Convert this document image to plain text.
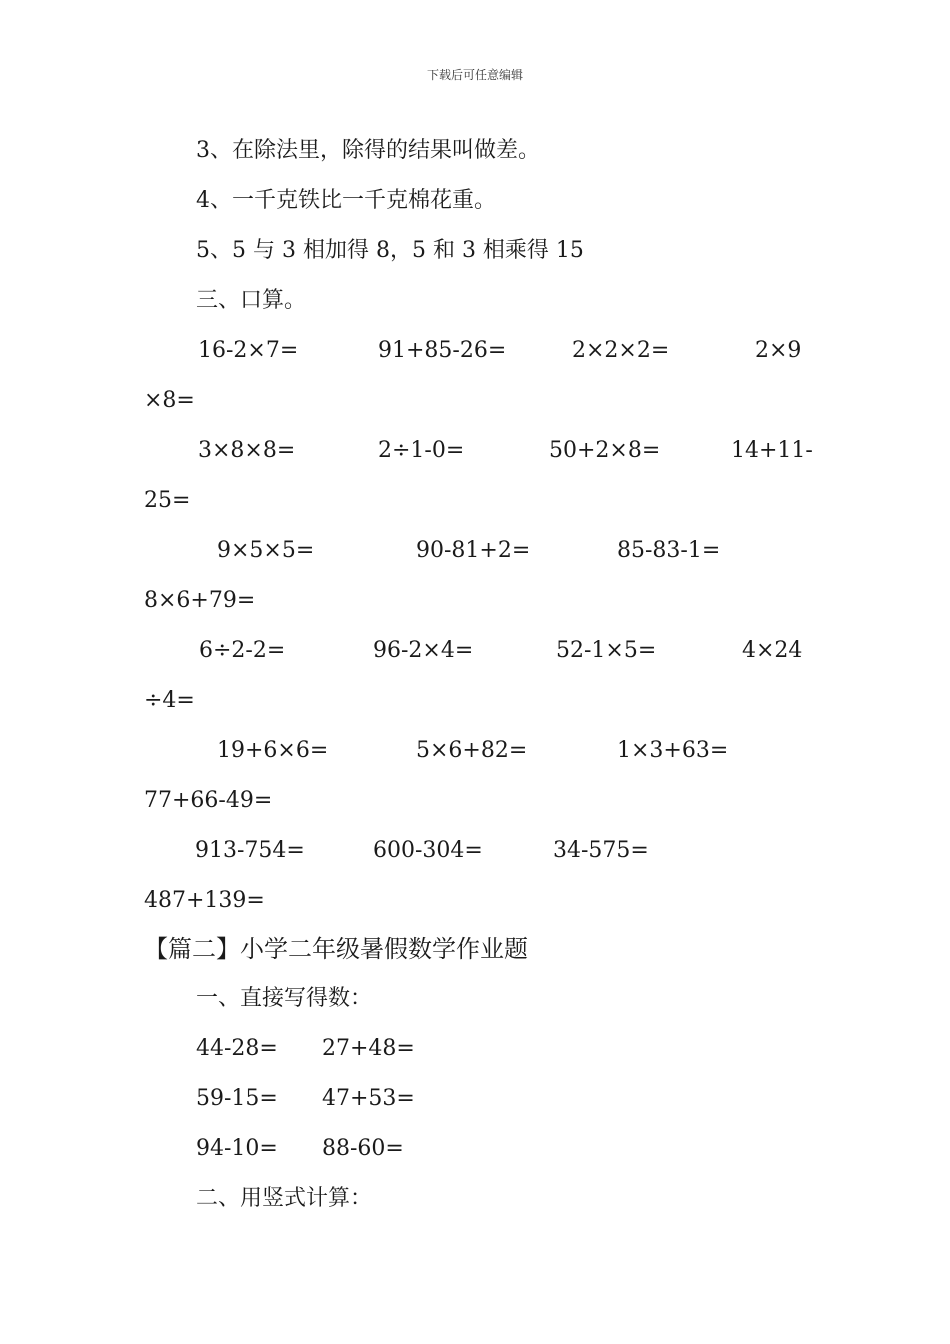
下载后可任意编辑
3、在除法里，除得的结果叫做差。
4、一千克铁比一千克棉花重。
5、5 与 3 相加得 8，5 和 3 相乘得 15
三、口算。
16-2×7=	91+85-26=	2×2×2=	2×9
×8=
3×8×8=	2÷1-0=	50+2×8=	14+11-
25=
9×5×5=	90-81+2=	85-83-1=
8×6+79=
6÷2-2=	96-2×4=	52-1×5=	4×24
÷4=
19+6×6=	5×6+82=	1×3+63=
77+66-49=
913-754=	600-304=	34-575=
487+139=
【篇二】小学二年级暑假数学作业题
一、直接写得数：
44-28= 27+48=
59-15= 47+53=
94-10= 88-60=
二、用竖式计算：
